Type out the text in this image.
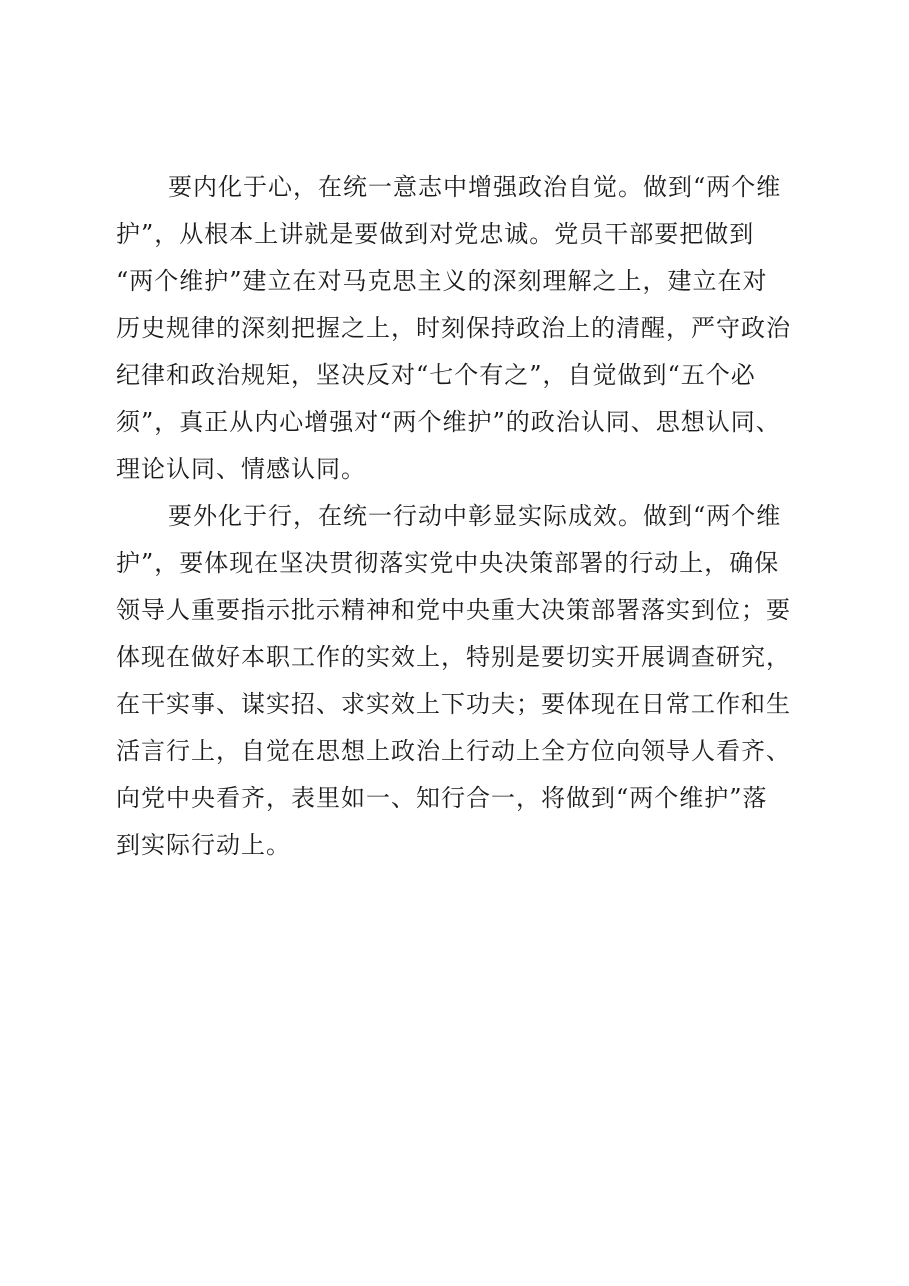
要内化于心，在统一意志中增强政治自觉。做到“两个维
护”，从根本上讲就是要做到对党忠诚。党员干部要把做到
“两个维护”建立在对马克思主义的深刻理解之上，建立在对
历史规律的深刻把握之上，时刻保持政治上的清醒，严守政治
纪律和政治规矩，坚决反对“七个有之”，自觉做到“五个必
须”，真正从内心增强对“两个维护”的政治认同、思想认同、
理论认同、情感认同。
要外化于行，在统一行动中彰显实际成效。做到“两个维
护”，要体现在坚决贯彻落实党中央决策部署的行动上，确保
领导人重要指示批示精神和党中央重大决策部署落实到位；要
体现在做好本职工作的实效上，特别是要切实开展调查研究，
在干实事、谋实招、求实效上下功夫；要体现在日常工作和生
活言行上，自觉在思想上政治上行动上全方位向领导人看齐、
向党中央看齐，表里如一、知行合一，将做到“两个维护”落
到实际行动上。
